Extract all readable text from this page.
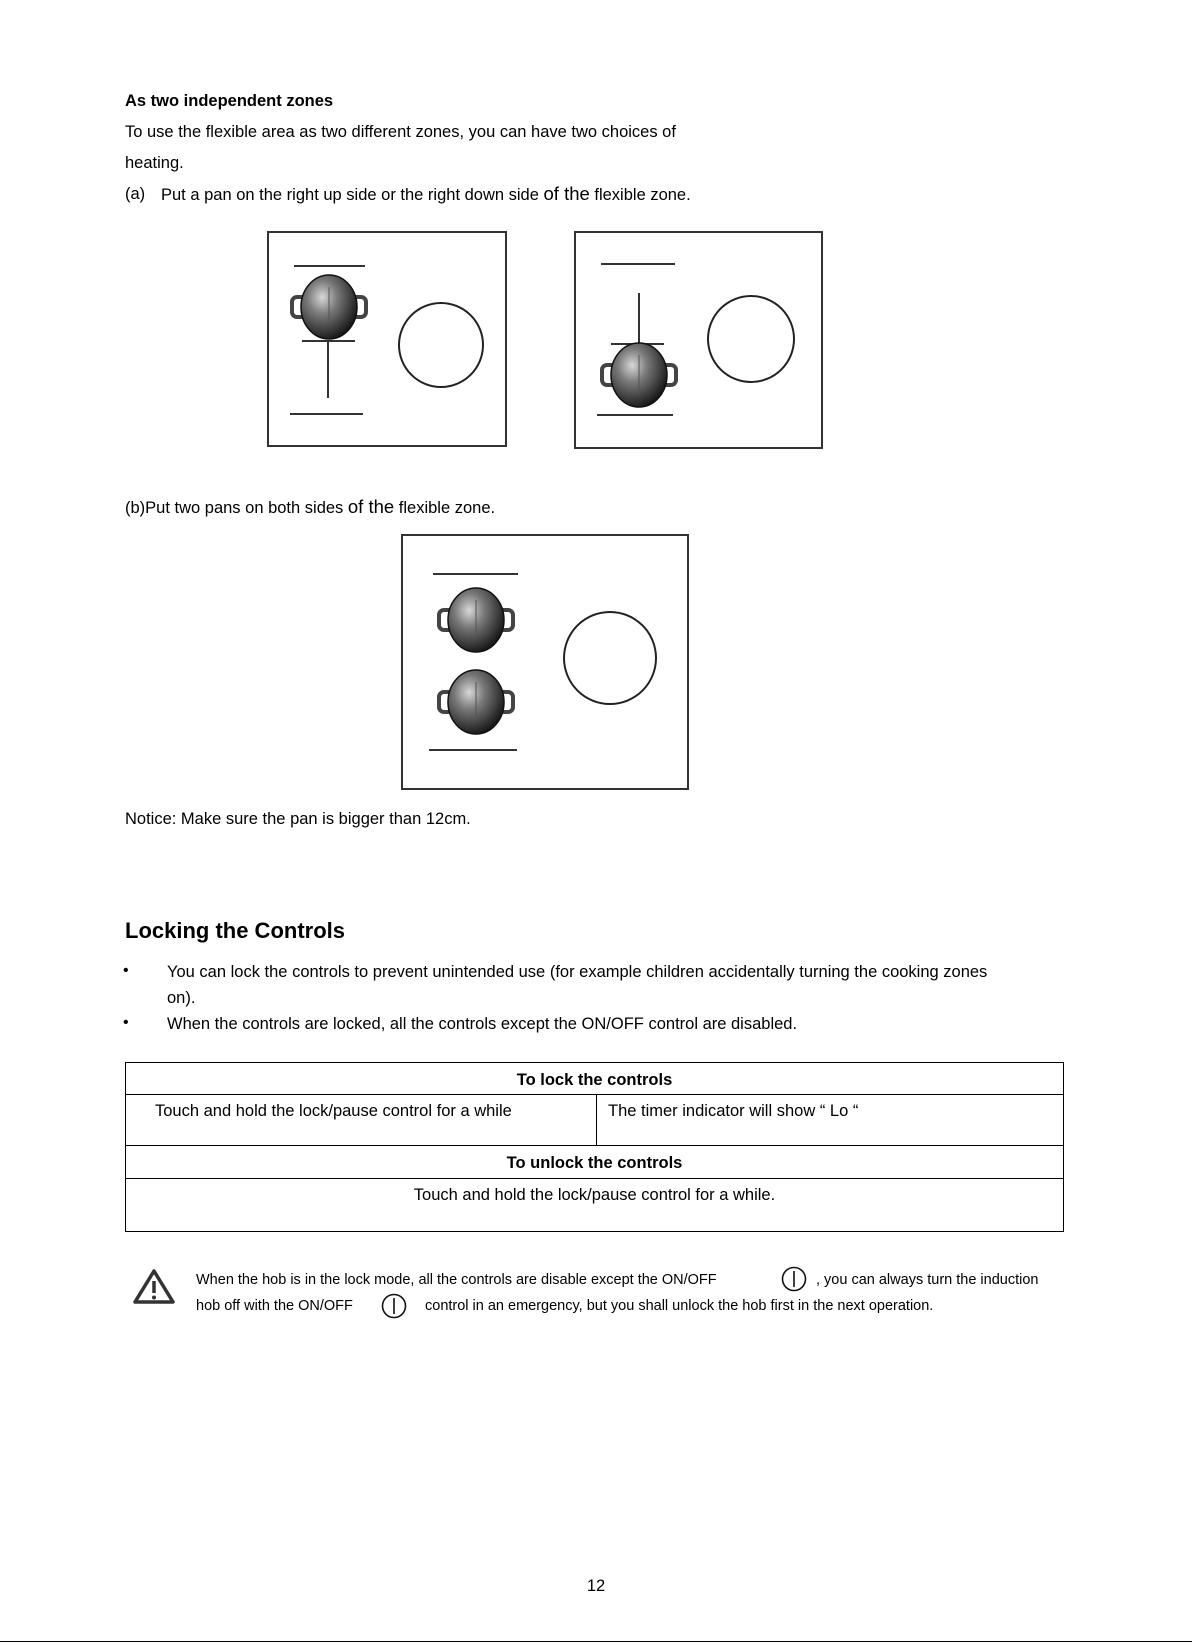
As two independent zones
To use the flexible area as two different zones, you can have two choices of
heating.
(a) Put a pan on the right up side or the right down side of the flexible zone.
(b)Put two pans on both sides of the flexible zone.
Notice: Make sure the pan is bigger than 12cm.
Locking the Controls
• You can lock the controls to prevent unintended use (for example children accidentally turning the cooking zones
on).
• When the controls are locked, all the controls except the ON/OFF control are disabled.
To lock the controls
Touch and hold the lock/pause control for a while	The timer indicator will show “ Lo “
To unlock the controls
Touch and hold the lock/pause control for a while.
When the hob is in the lock mode, all the controls are disable except the ON/OFF	, you can always turn the induction
hob off with the ON/OFF	control in an emergency, but you shall unlock the hob first in the next operation.
12
